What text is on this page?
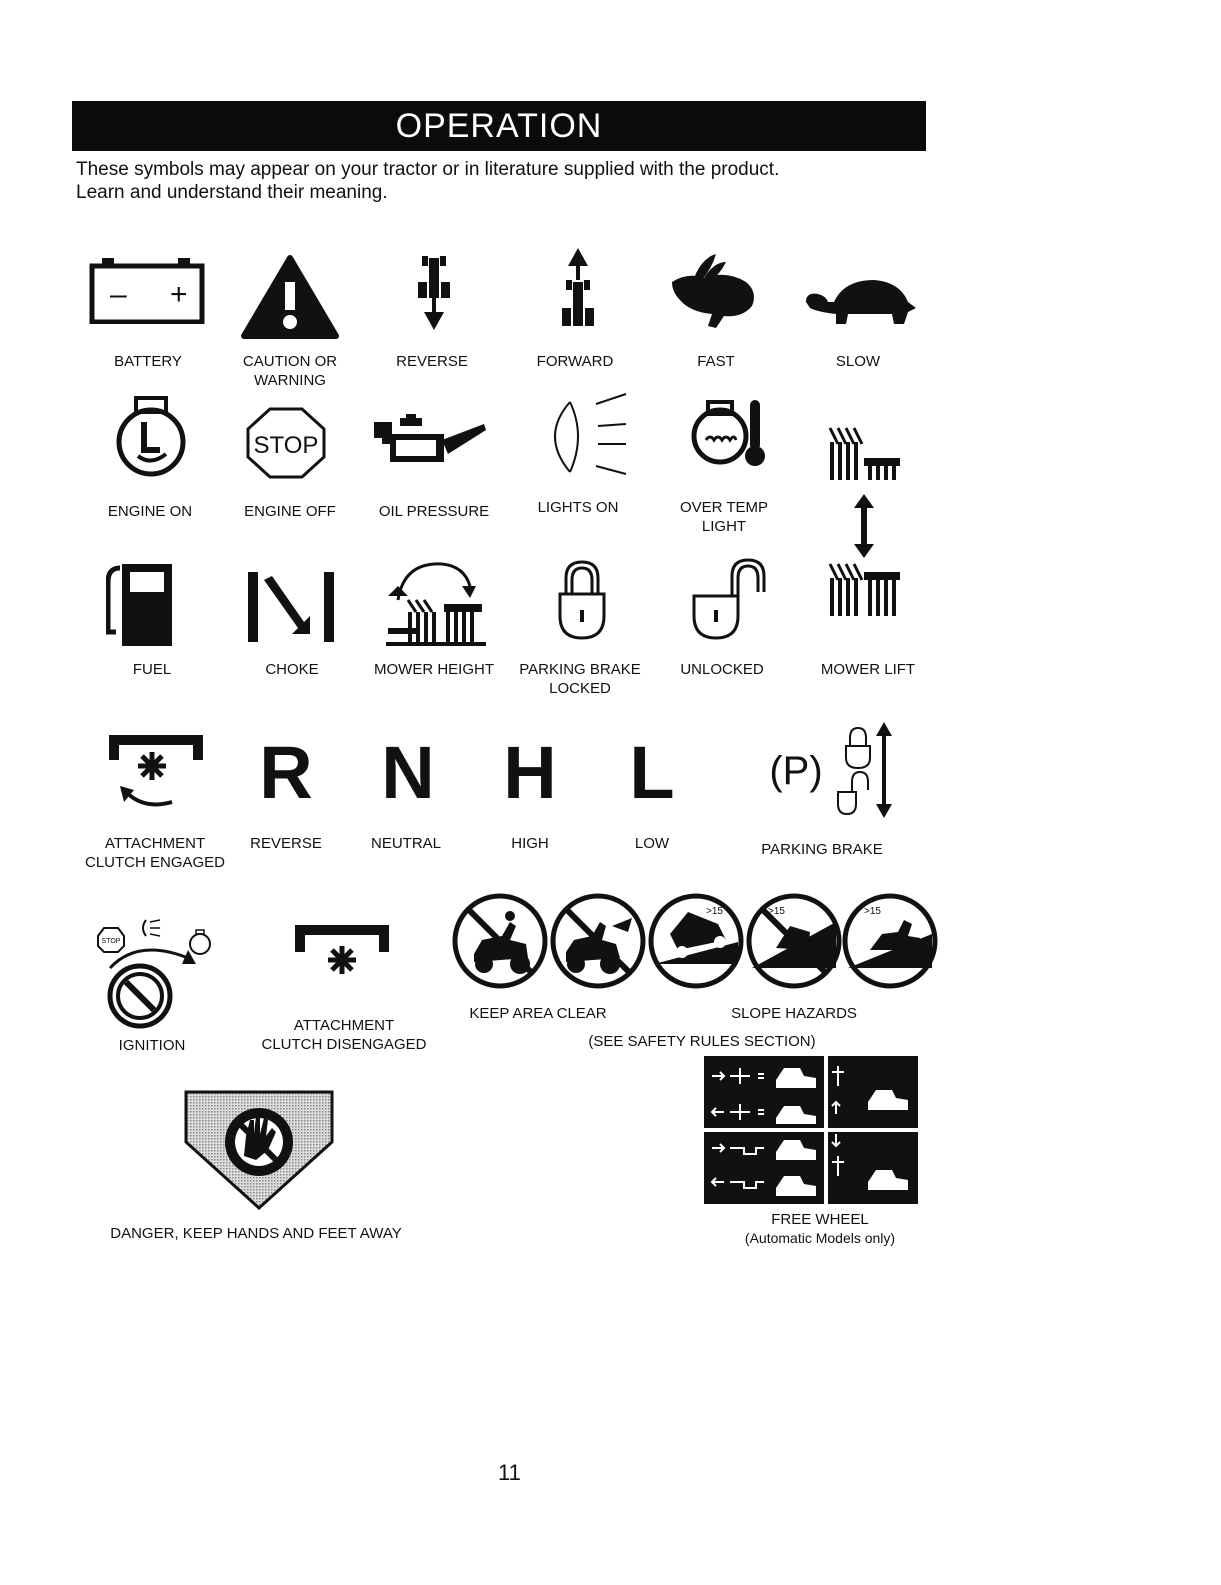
OPERATION
These symbols may appear on your tractor or in literature supplied with the product.
Learn and understand their meaning.
– +
BATTERY	CAUTION OR
WARNING
REVERSE	FORWARD	FAST	SLOW
ENGINE ON
STOP
ENGINE OFF	OIL PRESSURE	LIGHTS ON	OVER TEMP
LIGHT
FUEL	CHOKE	MOWER HEIGHT PARKING BRAKE
LOCKED
UNLOCKED	MOWER LIFT
ATTACHMENT
CLUTCH ENGAGED
R
REVERSE
N
NEUTRAL
H
HIGH
L
LOW
(P)
PARKING BRAKE
STOP
IGNITION
ATTACHMENT
CLUTCH DISENGAGED
KEEP AREA CLEAR
>15	>15	>15
SLOPE HAZARDS
(SEE SAFETY RULES SECTION)
DANGER, KEEP HANDS AND FEET AWAY
FREE WHEEL
(Automatic Models only)
11
